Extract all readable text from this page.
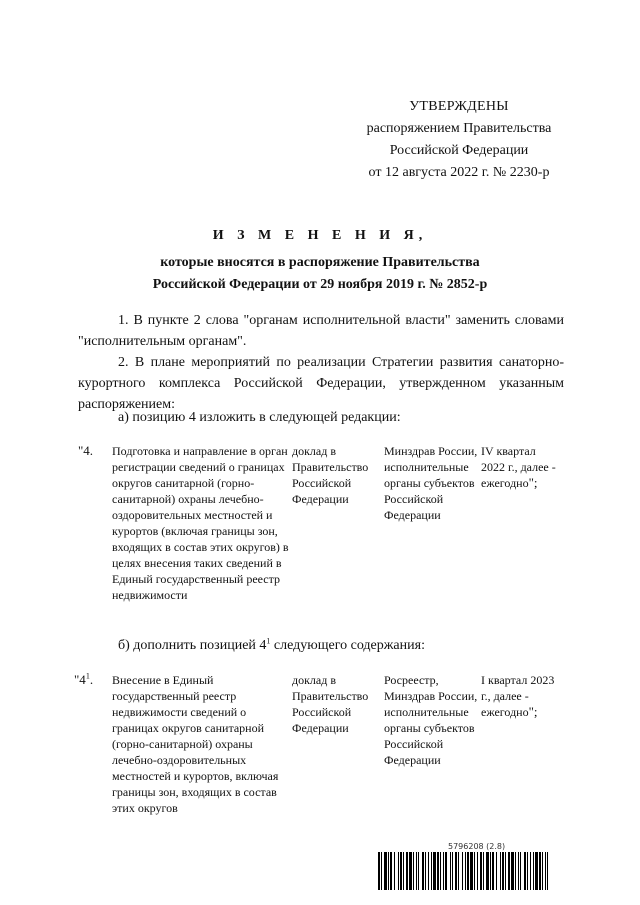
УТВЕРЖДЕНЫ
распоряжением Правительства
Российской Федерации
от 12 августа 2022 г. № 2230-р
И З М Е Н Е Н И Я,
которые вносятся в распоряжение Правительства
Российской Федерации от 29 ноября 2019 г. № 2852-р
1. В пункте 2 слова "органам исполнительной власти" заменить словами "исполнительным органам".
2. В плане мероприятий по реализации Стратегии развития санаторно-курортного комплекса Российской Федерации, утвержденном указанным распоряжением:
а) позицию 4 изложить в следующей редакции:
"4.	Подготовка и направление в орган регистрации сведений о границах округов санитарной (горно-санитарной) охраны лечебно-оздоровительных местностей и курортов (включая границы зон, входящих в состав этих округов) в целях внесения таких сведений в Единый государственный реестр недвижимости	доклад в Правительство Российской Федерации	Минздрав России, исполнительные органы субъектов Российской Федерации	IV квартал 2022 г., далее - ежегодно";
б) дополнить позицией $4^1$ следующего содержания:
"$4^1$.	Внесение в Единый государственный реестр недвижимости сведений о границах округов санитарной (горно-санитарной) охраны лечебно-оздоровительных местностей и курортов, включая границы зон, входящих в состав этих округов	доклад в Правительство Российской Федерации	Росреестр, Минздрав России, исполнительные органы субъектов Российской Федерации	I квартал 2023 г., далее - ежегодно";
5796208 (2.8)
